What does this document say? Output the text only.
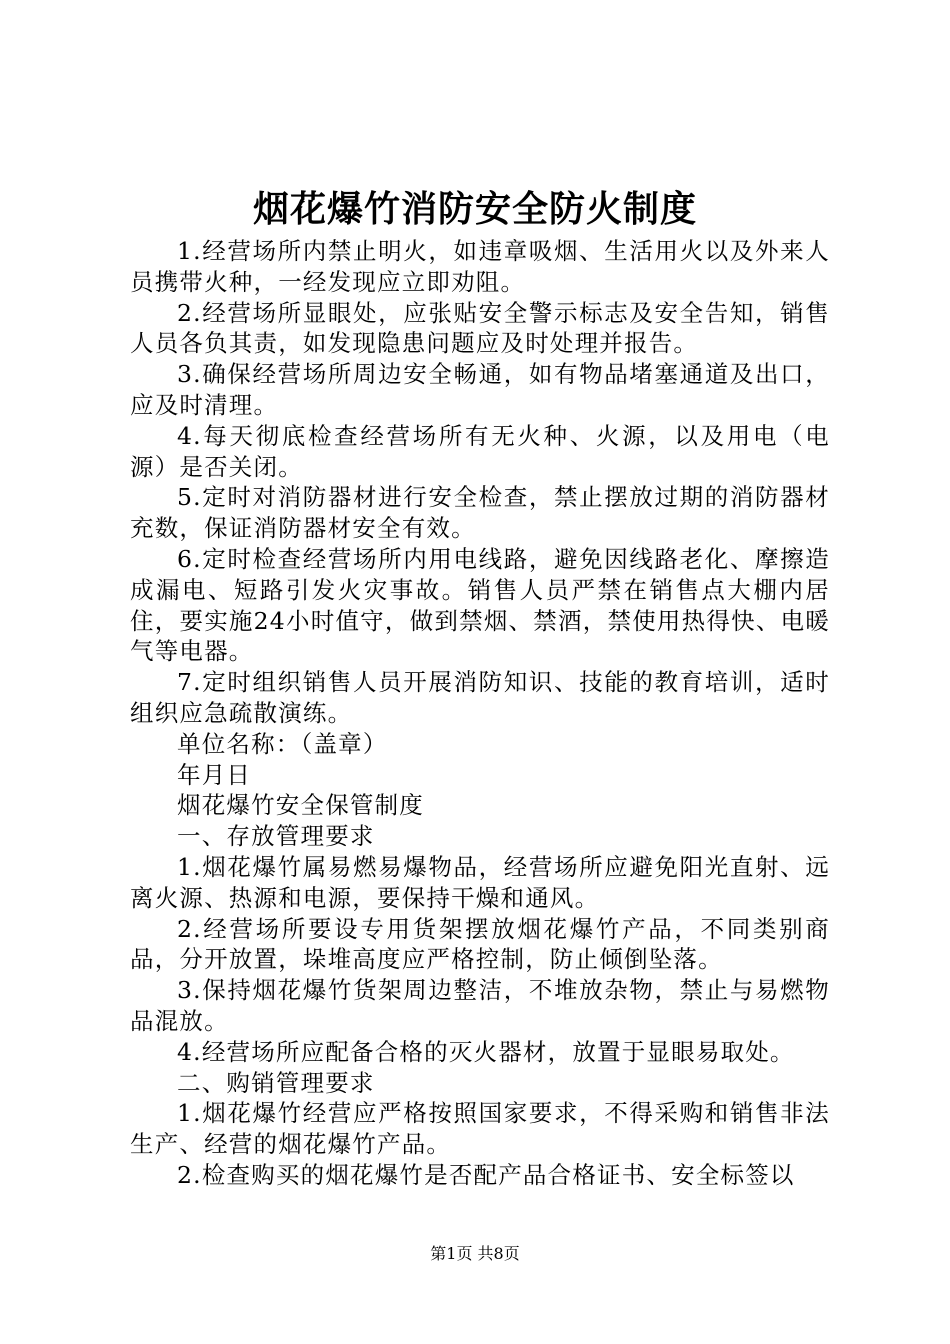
烟花爆竹消防安全防火制度

1.经营场所内禁止明火，如违章吸烟、生活用火以及外来人员携带火种，一经发现应立即劝阻。

2.经营场所显眼处，应张贴安全警示标志及安全告知，销售人员各负其责，如发现隐患问题应及时处理并报告。

3.确保经营场所周边安全畅通，如有物品堵塞通道及出口，应及时清理。

4.每天彻底检查经营场所有无火种、火源，以及用电（电源）是否关闭。

5.定时对消防器材进行安全检查，禁止摆放过期的消防器材充数，保证消防器材安全有效。

6.定时检查经营场所内用电线路，避免因线路老化、摩擦造成漏电、短路引发火灾事故。销售人员严禁在销售点大棚内居住，要实施24小时值守，做到禁烟、禁酒，禁使用热得快、电暖气等电器。

7.定时组织销售人员开展消防知识、技能的教育培训，适时组织应急疏散演练。

单位名称：（盖章）

年月日

烟花爆竹安全保管制度

一、存放管理要求

1.烟花爆竹属易燃易爆物品，经营场所应避免阳光直射、远离火源、热源和电源，要保持干燥和通风。

2.经营场所要设专用货架摆放烟花爆竹产品，不同类别商品，分开放置，垛堆高度应严格控制，防止倾倒坠落。

3.保持烟花爆竹货架周边整洁，不堆放杂物，禁止与易燃物品混放。

4.经营场所应配备合格的灭火器材，放置于显眼易取处。

二、购销管理要求

1.烟花爆竹经营应严格按照国家要求，不得采购和销售非法生产、经营的烟花爆竹产品。

2.检查购买的烟花爆竹是否配产品合格证书、安全标签以

第1页 共8页
